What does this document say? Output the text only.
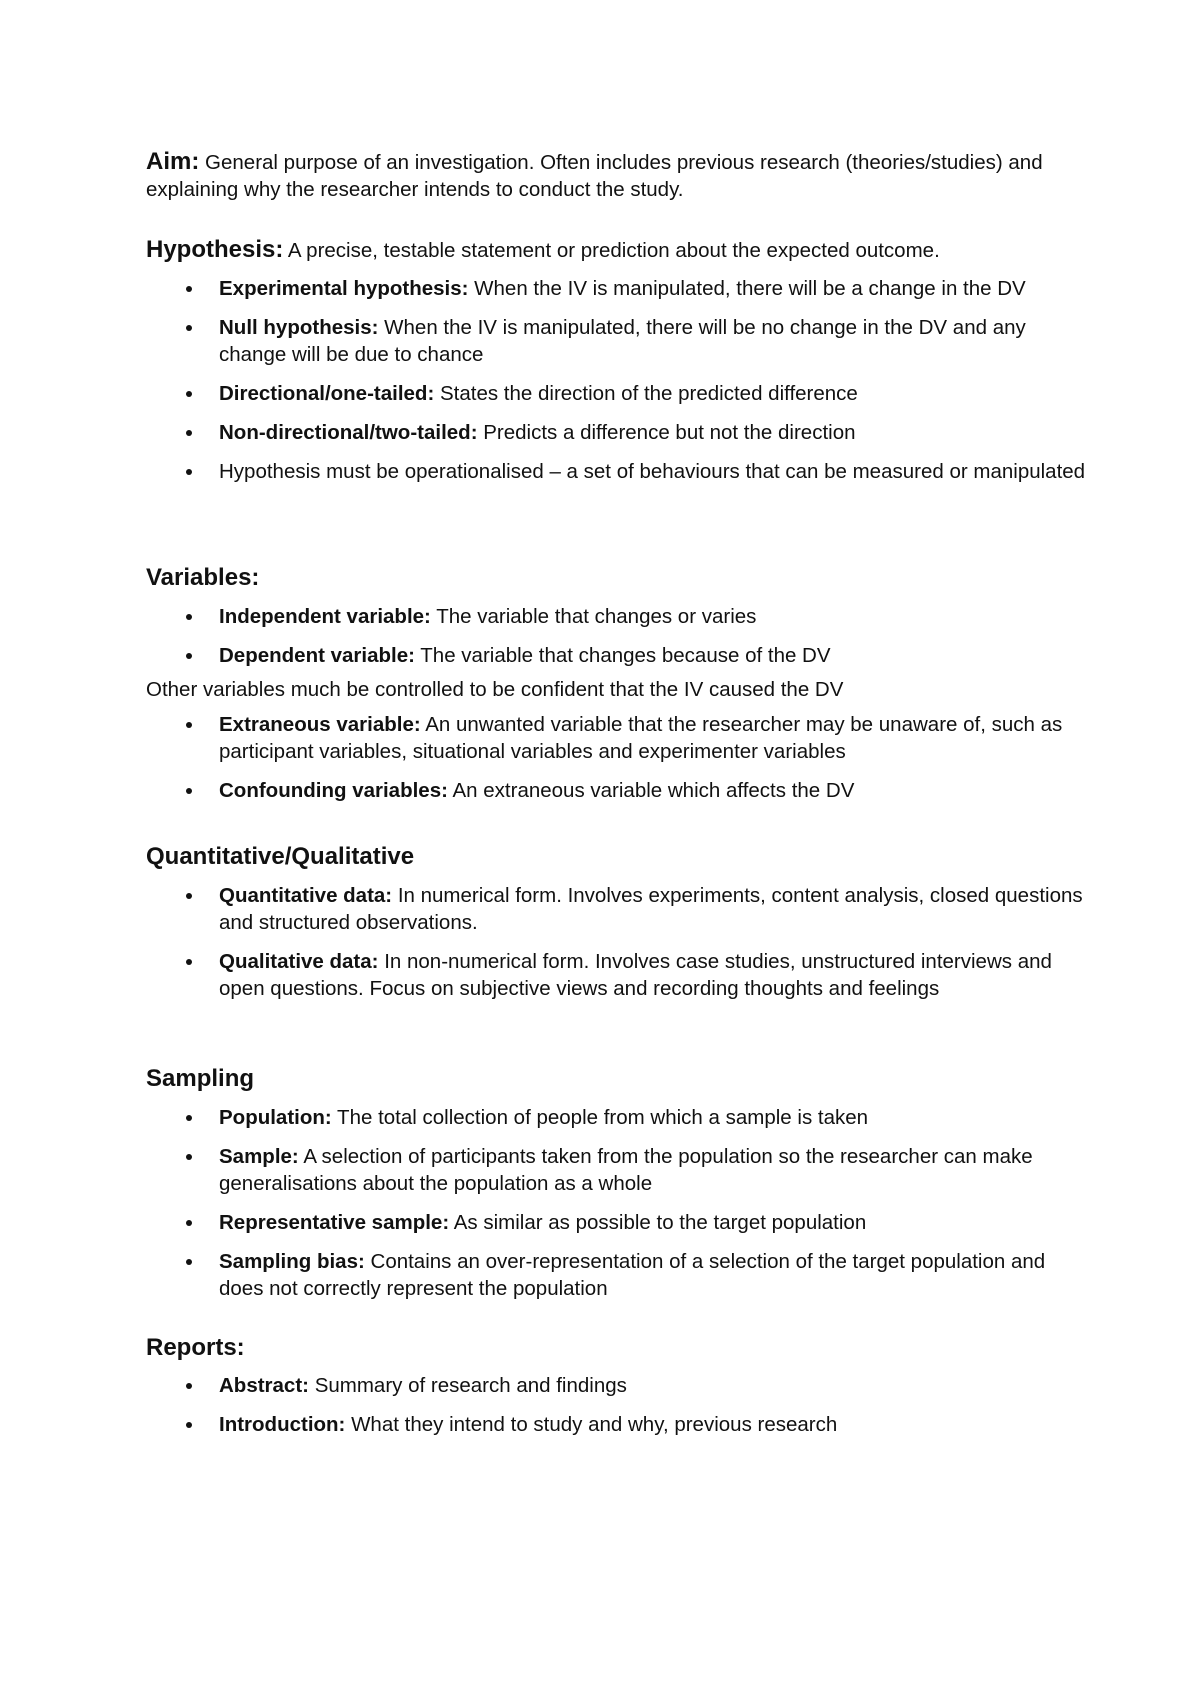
Aim: General purpose of an investigation. Often includes previous research (theories/studies) and explaining why the researcher intends to conduct the study.

Hypothesis: A precise, testable statement or prediction about the expected outcome.

Experimental hypothesis: When the IV is manipulated, there will be a change in the DV
Null hypothesis: When the IV is manipulated, there will be no change in the DV and any change will be due to chance
Directional/one-tailed: States the direction of the predicted difference
Non-directional/two-tailed: Predicts a difference but not the direction
Hypothesis must be operationalised – a set of behaviours that can be measured or manipulated
Variables:
Independent variable: The variable that changes or varies
Dependent variable: The variable that changes because of the DV

Other variables much be controlled to be confident that the IV caused the DV

Extraneous variable: An unwanted variable that the researcher may be unaware of, such as participant variables, situational variables and experimenter variables
Confounding variables: An extraneous variable which affects the DV
Quantitative/Qualitative
Quantitative data: In numerical form. Involves experiments, content analysis, closed questions and structured observations.
Qualitative data: In non-numerical form. Involves case studies, unstructured interviews and open questions. Focus on subjective views and recording thoughts and feelings
Sampling
Population: The total collection of people from which a sample is taken
Sample: A selection of participants taken from the population so the researcher can make generalisations about the population as a whole
Representative sample: As similar as possible to the target population
Sampling bias: Contains an over-representation of a selection of the target population and does not correctly represent the population
Reports:
Abstract: Summary of research and findings
Introduction: What they intend to study and why, previous research
